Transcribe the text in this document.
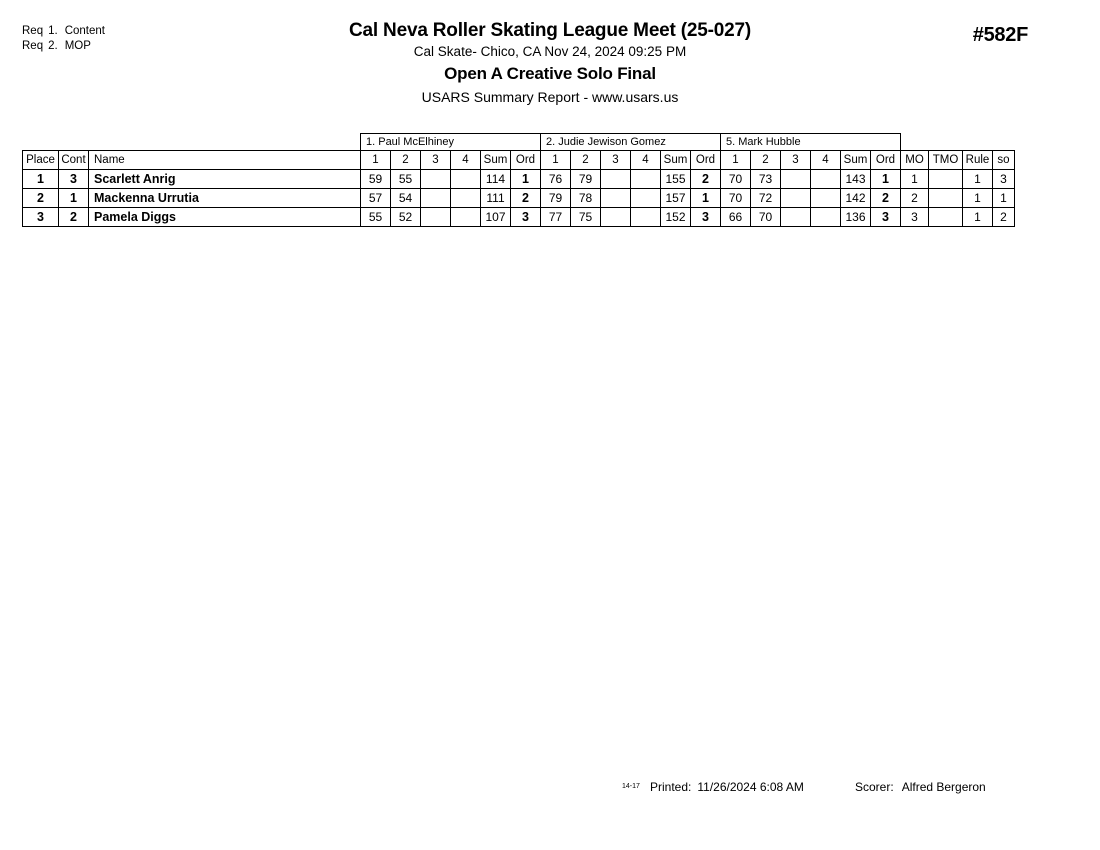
Req 1. Content
Req 2. MOP
Cal Neva Roller Skating League Meet (25-027)
Cal Skate- Chico, CA Nov 24, 2024 09:25 PM
Open A Creative Solo Final
USARS Summary Report - www.usars.us
#582F
			1. Paul McElhiney						2. Judie Jewison Gomez						5. Mark Hubble									
Place	Cont	Name	1	2	3	4	Sum	Ord	1	2	3	4	Sum	Ord	1	2	3	4	Sum	Ord	MO	TMO	Rule	so
1	3	Scarlett Anrig	59	55			114	1	76	79			155	2	70	73			143	1	1		1	3
2	1	Mackenna Urrutia	57	54			111	2	79	78			157	1	70	72			142	2	2		1	1
3	2	Pamela Diggs	55	52			107	3	77	75			152	3	66	70			136	3	3		1	2
14-17 Printed: 11/26/2024 6:08 AM	Scorer: Alfred Bergeron
